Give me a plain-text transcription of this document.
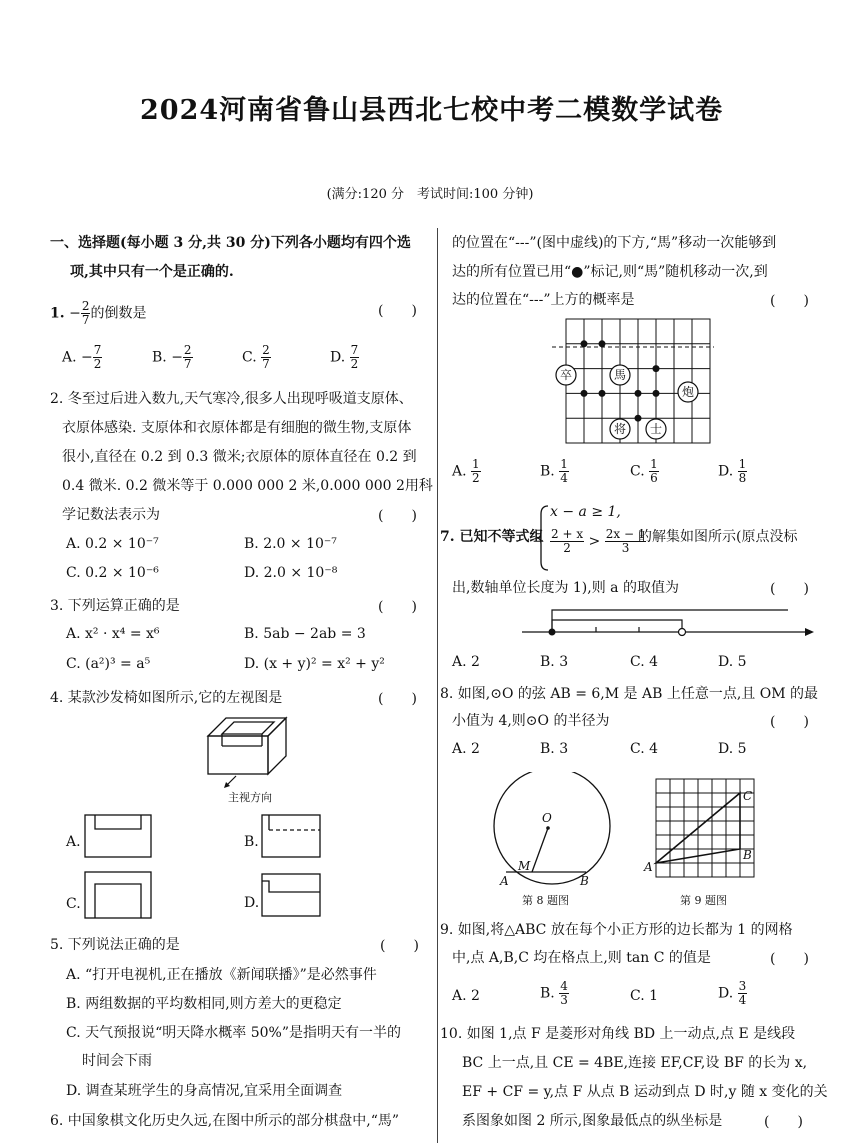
2024河南省鲁山县西北七校中考二模数学试卷
(满分:120 分　考试时间:100 分钟)
一、选择题(每小题 3 分,共 30 分)下列各小题均有四个选
项,其中只有一个是正确的.
1. − $\frac{2}{7}$ 的倒数是	(　　)
A. − $\frac{7}{2}$	B. − $\frac{2}{7}$	C. $\frac{2}{7}$	D. $\frac{7}{2}$
2. 冬至过后进入数九,天气寒冷,很多人出现呼吸道支原体、
衣原体感染. 支原体和衣原体都是有细胞的微生物,支原体
很小,直径在 0.2 到 0.3 微米;衣原体的原体直径在 0.2 到
0.4 微米. 0.2 微米等于 0.000 000 2 米,0.000 000 2用科
学记数法表示为	(　　)
A. 0.2 × 10⁻⁷	B. 2.0 × 10⁻⁷
C. 0.2 × 10⁻⁶	D. 2.0 × 10⁻⁸
3. 下列运算正确的是	(　　)
A. x² · x⁴ = x⁶	B. 5ab − 2ab = 3
C. (a²)³ = a⁵	D. (x + y)² = x² + y²
4. 某款沙发椅如图所示,它的左视图是	(　　)
主视方向
A.	B.
C.	D.
5. 下列说法正确的是	(　　)
A. “打开电视机,正在播放《新闻联播》”是必然事件
B. 两组数据的平均数相同,则方差大的更稳定
C. 天气预报说“明天降水概率 50%”是指明天有一半的
时间会下雨
D. 调查某班学生的身高情况,宜采用全面调查
6. 中国象棋文化历史久远,在图中所示的部分棋盘中,“馬”
的位置在“---”(图中虚线)的下方,“馬”移动一次能够到
达的所有位置已用“●”标记,则“馬”随机移动一次,到
达的位置在“---”上方的概率是	(　　)
卒	馬
炮
将 士
A. $\frac{1}{2}$	B. $\frac{1}{4}$	C. $\frac{1}{6}$	D. $\frac{1}{8}$
7. 已知不等式组
x − a ≥ 1,
$\frac{2 + x}{2} > \frac{2x - 1}{3}$
的解集如图所示(原点没标
出,数轴单位长度为 1),则 a 的取值为	(　　)
A. 2	B. 3	C. 4	D. 5
8. 如图,⊙O 的弦 AB = 6,M 是 AB 上任意一点,且 OM 的最
小值为 4,则⊙O 的半径为	(　　)
A. 2	B. 3	C. 4	D. 5
O
M
A	B
第 8 题图
C
B
A
第 9 题图
9. 如图,将△ABC 放在每个小正方形的边长都为 1 的网格
中,点 A,B,C 均在格点上,则 tan C 的值是	(　　)
A. 2	B. $\frac{4}{3}$	C. 1	D. $\frac{3}{4}$
10. 如图 1,点 F 是菱形对角线 BD 上一动点,点 E 是线段
BC 上一点,且 CE = 4BE,连接 EF,CF,设 BF 的长为 x,
EF + CF = y,点 F 从点 B 运动到点 D 时,y 随 x 变化的关
系图象如图 2 所示,图象最低点的纵坐标是	(　　)
